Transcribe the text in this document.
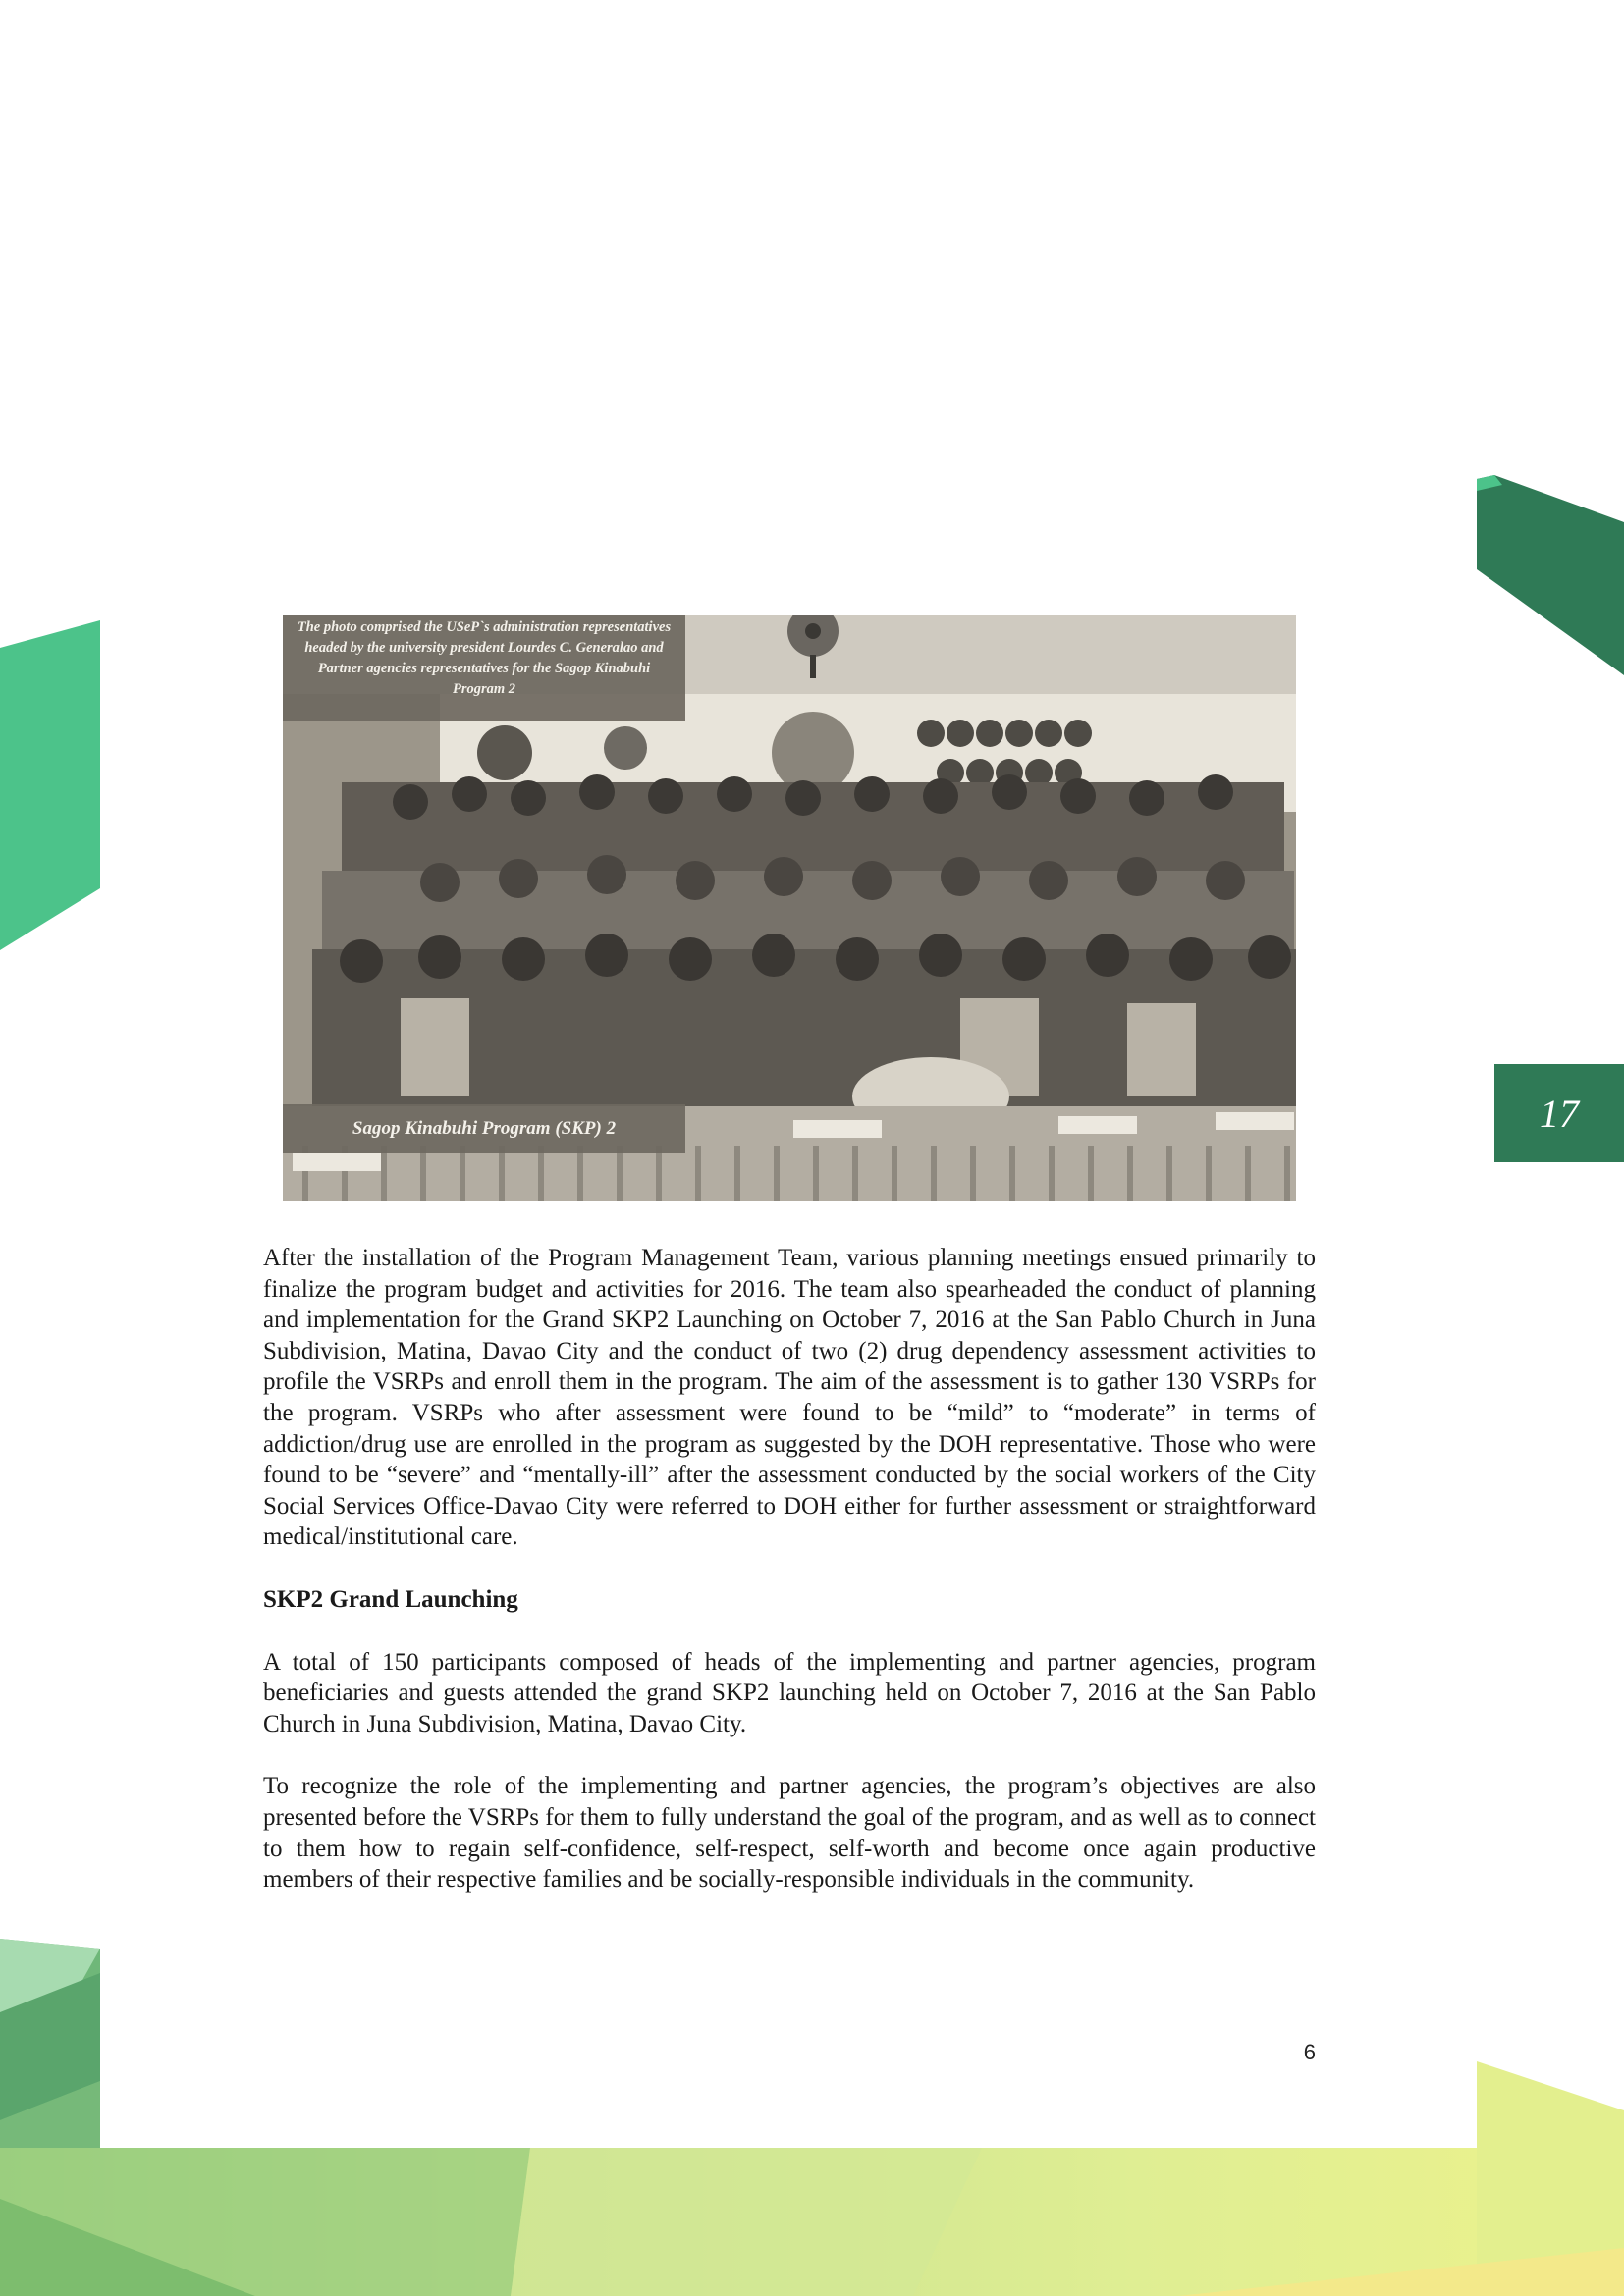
17
The photo comprised the USeP`s administration representatives headed by the university president Lourdes C. Generalao and Partner agencies representatives for the Sagop Kinabuhi Program 2
Sagop Kinabuhi Program (SKP) 2

After the installation of the Program Management Team, various planning meetings ensued primarily to finalize the program budget and activities for 2016. The team also spearheaded the conduct of planning and implementation for the Grand SKP2 Launching on October 7, 2016 at the San Pablo Church in Juna Subdivision, Matina, Davao City and the conduct of two (2) drug dependency assessment activities to profile the VSRPs and enroll them in the program. The aim of the assessment is to gather 130 VSRPs for the program. VSRPs who after assessment were found to be “mild” to “moderate” in terms of addiction/drug use are enrolled in the program as suggested by the DOH representative. Those who were found to be “severe” and “mentally-ill” after the assessment conducted by the social workers of the City Social Services Office-Davao City were referred to DOH either for further assessment or straightforward medical/institutional care.

SKP2 Grand Launching

A total of 150 participants composed of heads of the implementing and partner agencies, program beneficiaries and guests attended the grand SKP2 launching held on October 7, 2016 at the San Pablo Church in Juna Subdivision, Matina, Davao City.

To recognize the role of the implementing and partner agencies, the program’s objectives are also presented before the VSRPs for them to fully understand the goal of the program, and as well as to connect to them how to regain self-confidence, self-respect, self-worth and become once again productive members of their respective families and be socially-responsible individuals in the community.

6
